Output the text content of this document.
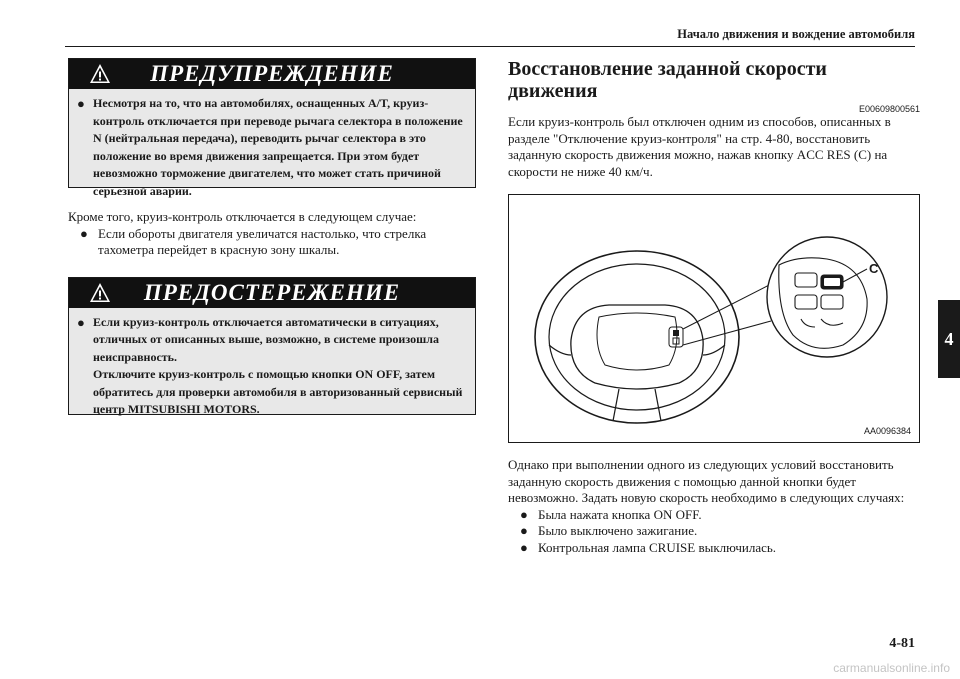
Начало движения и вождение автомобиля
4
ПРЕДУПРЕЖДЕНИЕ
● Несмотря на то, что на автомобилях, оснащенных A/T, круиз-контроль отключается при переводе рычага селектора в положение N (нейтральная передача), переводить рычаг селектора в это положение во время движения запрещается. При этом будет невозможно торможение двигателем, что может стать причиной серьезной аварии.
Кроме того, круиз-контроль отключается в следующем случае:
● Если обороты двигателя увеличатся настолько, что стрелка тахометра перейдет в красную зону шкалы.
ПРЕДОСТЕРЕЖЕНИЕ
● Если круиз-контроль отключается автоматически в ситуациях, отличных от описанных выше, возможно, в системе произошла неисправность.
Отключите круиз-контроль с помощью кнопки ON OFF, затем обратитесь для проверки автомобиля в авторизованный сервисный центр MITSUBISHI MOTORS.
Восстановление заданной скорости движения
E00609800561
Если круиз-контроль был отключен одним из способов, описанных в разделе "Отключение круиз-контроля" на стр. 4-80, восстановить заданную скорость движения можно, нажав кнопку ACC RES (C) на скорости не ниже 40 км/ч.
C
AA0096384
Однако при выполнении одного из следующих условий восстановить заданную скорость движения с помощью данной кнопки будет невозможно. Задать новую скорость необходимо в следующих случаях:
● Была нажата кнопка ON OFF.
● Было выключено зажигание.
● Контрольная лампа CRUISE выключилась.
4-81
carmanualsonline.info
